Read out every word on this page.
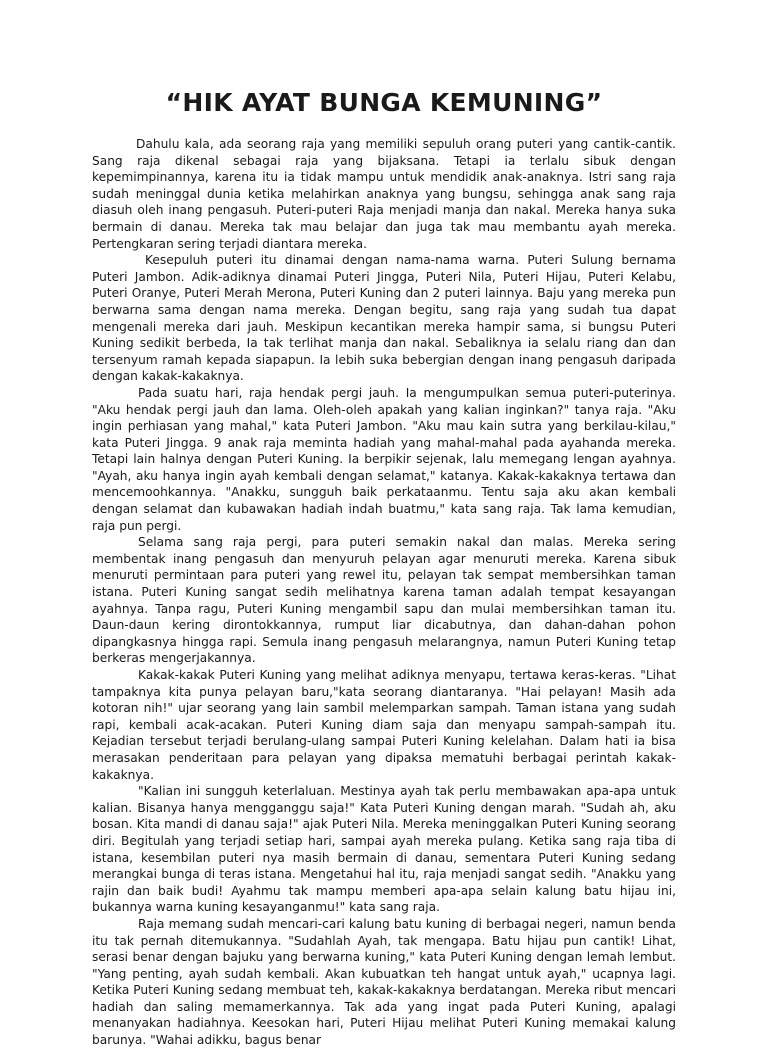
“HIK AYAT BUNGA KEMUNING”

Dahulu kala, ada seorang raja yang memiliki sepuluh orang puteri yang cantik-cantik. Sang raja dikenal sebagai raja yang bijaksana. Tetapi ia terlalu sibuk dengan kepemimpinannya, karena itu ia tidak mampu untuk mendidik anak-anaknya. Istri sang raja sudah meninggal dunia ketika melahirkan anaknya yang bungsu, sehingga anak sang raja diasuh oleh inang pengasuh. Puteri-puteri Raja menjadi manja dan nakal. Mereka hanya suka bermain di danau. Mereka tak mau belajar dan juga tak mau membantu ayah mereka. Pertengkaran sering terjadi diantara mereka.

Kesepuluh puteri itu dinamai dengan nama-nama warna. Puteri Sulung bernama Puteri Jambon. Adik-adiknya dinamai Puteri Jingga, Puteri Nila, Puteri Hijau, Puteri Kelabu, Puteri Oranye, Puteri Merah Merona, Puteri Kuning dan 2 puteri lainnya. Baju yang mereka pun berwarna sama dengan nama mereka. Dengan begitu, sang raja yang sudah tua dapat mengenali mereka dari jauh. Meskipun kecantikan mereka hampir sama, si bungsu Puteri Kuning sedikit berbeda, Ia tak terlihat manja dan nakal. Sebaliknya ia selalu riang dan dan tersenyum ramah kepada siapapun. Ia lebih suka bebergian dengan inang pengasuh daripada dengan kakak-kakaknya.

Pada suatu hari, raja hendak pergi jauh. Ia mengumpulkan semua puteri-puterinya. "Aku hendak pergi jauh dan lama. Oleh-oleh apakah yang kalian inginkan?" tanya raja. "Aku ingin perhiasan yang mahal," kata Puteri Jambon. "Aku mau kain sutra yang berkilau-kilau," kata Puteri Jingga. 9 anak raja meminta hadiah yang mahal-mahal pada ayahanda mereka. Tetapi lain halnya dengan Puteri Kuning. Ia berpikir sejenak, lalu memegang lengan ayahnya. "Ayah, aku hanya ingin ayah kembali dengan selamat," katanya. Kakak-kakaknya tertawa dan mencemoohkannya. "Anakku, sungguh baik perkataanmu. Tentu saja aku akan kembali dengan selamat dan kubawakan hadiah indah buatmu," kata sang raja. Tak lama kemudian, raja pun pergi.

Selama sang raja pergi, para puteri semakin nakal dan malas. Mereka sering membentak inang pengasuh dan menyuruh pelayan agar menuruti mereka. Karena sibuk menuruti permintaan para puteri yang rewel itu, pelayan tak sempat membersihkan taman istana. Puteri Kuning sangat sedih melihatnya karena taman adalah tempat kesayangan ayahnya. Tanpa ragu, Puteri Kuning mengambil sapu dan mulai membersihkan taman itu. Daun-daun kering dirontokkannya, rumput liar dicabutnya, dan dahan-dahan pohon dipangkasnya hingga rapi. Semula inang pengasuh melarangnya, namun Puteri Kuning tetap berkeras mengerjakannya.

Kakak-kakak Puteri Kuning yang melihat adiknya menyapu, tertawa keras-keras. "Lihat tampaknya kita punya pelayan baru,"kata seorang diantaranya. "Hai pelayan! Masih ada kotoran nih!" ujar seorang yang lain sambil melemparkan sampah. Taman istana yang sudah rapi, kembali acak-acakan. Puteri Kuning diam saja dan menyapu sampah-sampah itu. Kejadian tersebut terjadi berulang-ulang sampai Puteri Kuning kelelahan. Dalam hati ia bisa merasakan penderitaan para pelayan yang dipaksa mematuhi berbagai perintah kakak-kakaknya.

"Kalian ini sungguh keterlaluan. Mestinya ayah tak perlu membawakan apa-apa untuk kalian. Bisanya hanya mengganggu saja!" Kata Puteri Kuning dengan marah. "Sudah ah, aku bosan. Kita mandi di danau saja!" ajak Puteri Nila. Mereka meninggalkan Puteri Kuning seorang diri. Begitulah yang terjadi setiap hari, sampai ayah mereka pulang. Ketika sang raja tiba di istana, kesembilan puteri nya masih bermain di danau, sementara Puteri Kuning sedang merangkai bunga di teras istana. Mengetahui hal itu, raja menjadi sangat sedih. "Anakku yang rajin dan baik budi! Ayahmu tak mampu memberi apa-apa selain kalung batu hijau ini, bukannya warna kuning kesayanganmu!" kata sang raja.

Raja memang sudah mencari-cari kalung batu kuning di berbagai negeri, namun benda itu tak pernah ditemukannya. "Sudahlah Ayah, tak mengapa. Batu hijau pun cantik! Lihat, serasi benar dengan bajuku yang berwarna kuning," kata Puteri Kuning dengan lemah lembut. "Yang penting, ayah sudah kembali. Akan kubuatkan teh hangat untuk ayah," ucapnya lagi. Ketika Puteri Kuning sedang membuat teh, kakak-kakaknya berdatangan. Mereka ribut mencari hadiah dan saling memamerkannya. Tak ada yang ingat pada Puteri Kuning, apalagi menanyakan hadiahnya. Keesokan hari, Puteri Hijau melihat Puteri Kuning memakai kalung barunya. "Wahai adikku, bagus benar
